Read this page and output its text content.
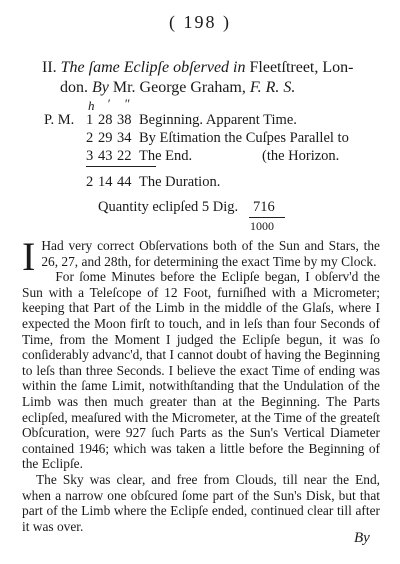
( 198 )
II. The ſame Eclipſe obſerved in Fleetſtreet, Lon-
don. By Mr. George Graham, F. R. S.
h ′ ″
P. M. 1 28 38 Beginning. Apparent Time.
2 29 34 By Eſtimation the Cuſpes Parallel to
3 43 22 The End.	(the Horizon.
2 14 44 The Duration.
Quantity eclipſed 5 Dig. 716
1000

I Had very correct Obſervations both of the Sun and Stars, the 26, 27, and 28th, for determining the exact Time by my Clock.

For ſome Minutes before the Eclipſe began, I obſerv'd the Sun with a Teleſcope of 12 Foot, furniſhed with a Micrometer; keeping that Part of the Limb in the middle of the Glaſs, where I expected the Moon firſt to touch, and in leſs than four Seconds of Time, from the Moment I judged the Eclipſe begun, it was ſo conſiderably advanc'd, that I cannot doubt of having the Beginning to leſs than three Seconds. I believe the exact Time of ending was within the ſame Limit, notwithſtanding that the Undulation of the Limb was then much greater than at the Beginning. The Parts eclipſed, meaſured with the Micrometer, at the Time of the greateſt Obſcuration, were 927 ſuch Parts as the Sun's Vertical Diameter contained 1946; which was taken a little before the Beginning of the Eclipſe.

The Sky was clear, and free from Clouds, till near the End, when a narrow one obſcured ſome part of the Sun's Disk, but that part of the Limb where the Eclipſe ended, continued clear till after it was over.

By
